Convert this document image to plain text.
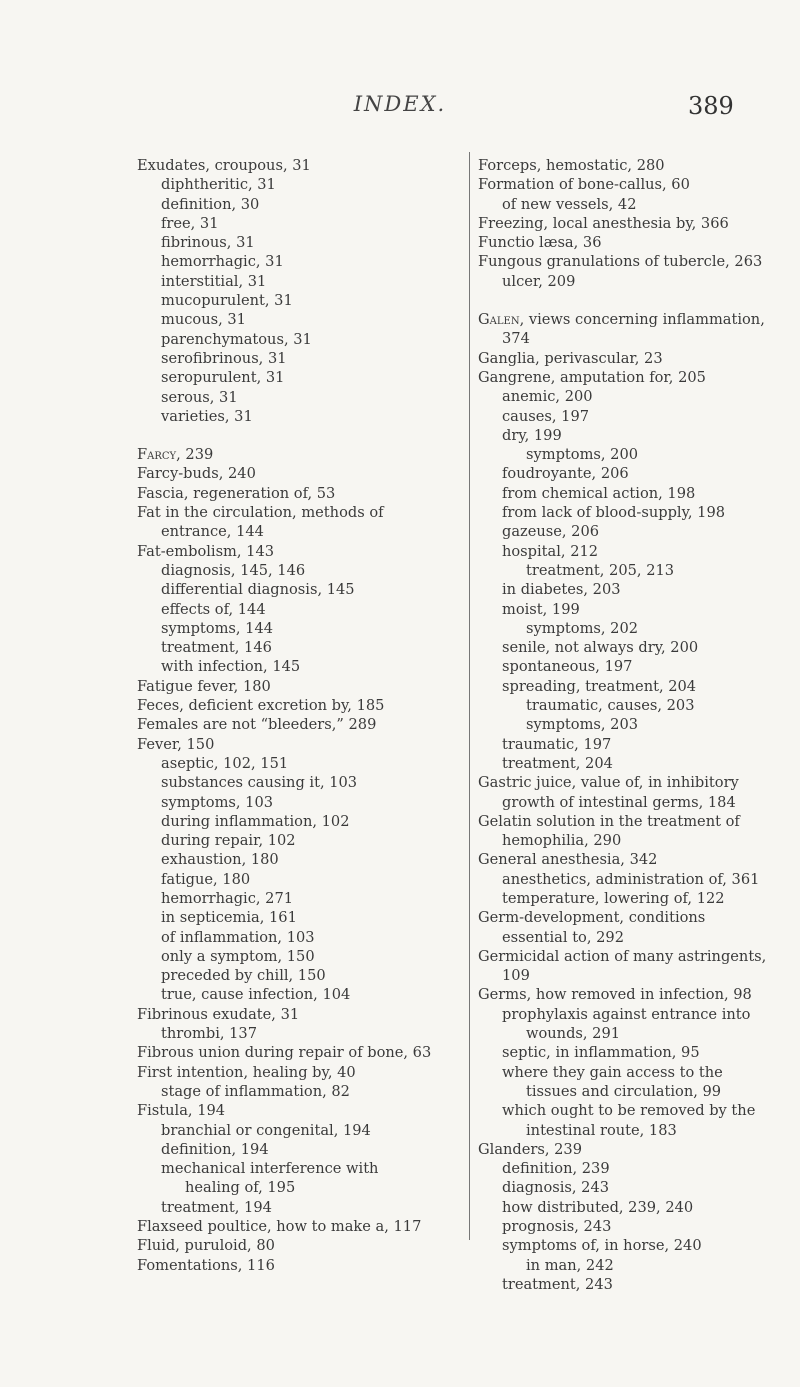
INDEX.	389
Exudates, croupous, 31
diphtheritic, 31
definition, 30
free, 31
fibrinous, 31
hemorrhagic, 31
interstitial, 31
mucopurulent, 31
mucous, 31
parenchymatous, 31
serofibrinous, 31
seropurulent, 31
serous, 31
varieties, 31
Farcy, 239
Farcy-buds, 240
Fascia, regeneration of, 53
Fat in the circulation, methods of entrance, 144
Fat-embolism, 143
diagnosis, 145, 146
differential diagnosis, 145
effects of, 144
symptoms, 144
treatment, 146
with infection, 145
Fatigue fever, 180
Feces, deficient excretion by, 185
Females are not “bleeders,” 289
Fever, 150
aseptic, 102, 151
substances causing it, 103
symptoms, 103
during inflammation, 102
during repair, 102
exhaustion, 180
fatigue, 180
hemorrhagic, 271
in septicemia, 161
of inflammation, 103
only a symptom, 150
preceded by chill, 150
true, cause infection, 104
Fibrinous exudate, 31
thrombi, 137
Fibrous union during repair of bone, 63
First intention, healing by, 40
stage of inflammation, 82
Fistula, 194
branchial or congenital, 194
definition, 194
mechanical interference with healing of, 195
treatment, 194
Flaxseed poultice, how to make a, 117
Fluid, puruloid, 80
Fomentations, 116
Forceps, hemostatic, 280
Formation of bone-callus, 60
of new vessels, 42
Freezing, local anesthesia by, 366
Functio læsa, 36
Fungous granulations of tubercle, 263
ulcer, 209
Galen, views concerning inflammation, 374
Ganglia, perivascular, 23
Gangrene, amputation for, 205
anemic, 200
causes, 197
dry, 199
symptoms, 200
foudroyante, 206
from chemical action, 198
from lack of blood-supply, 198
gazeuse, 206
hospital, 212
treatment, 205, 213
in diabetes, 203
moist, 199
symptoms, 202
senile, not always dry, 200
spontaneous, 197
spreading, treatment, 204
traumatic, causes, 203
symptoms, 203
traumatic, 197
treatment, 204
Gastric juice, value of, in inhibitory growth of intestinal germs, 184
Gelatin solution in the treatment of hemophilia, 290
General anesthesia, 342
anesthetics, administration of, 361
temperature, lowering of, 122
Germ-development, conditions essential to, 292
Germicidal action of many astringents, 109
Germs, how removed in infection, 98
prophylaxis against entrance into wounds, 291
septic, in inflammation, 95
where they gain access to the tissues and circulation, 99
which ought to be removed by the intestinal route, 183
Glanders, 239
definition, 239
diagnosis, 243
how distributed, 239, 240
prognosis, 243
symptoms of, in horse, 240
in man, 242
treatment, 243
